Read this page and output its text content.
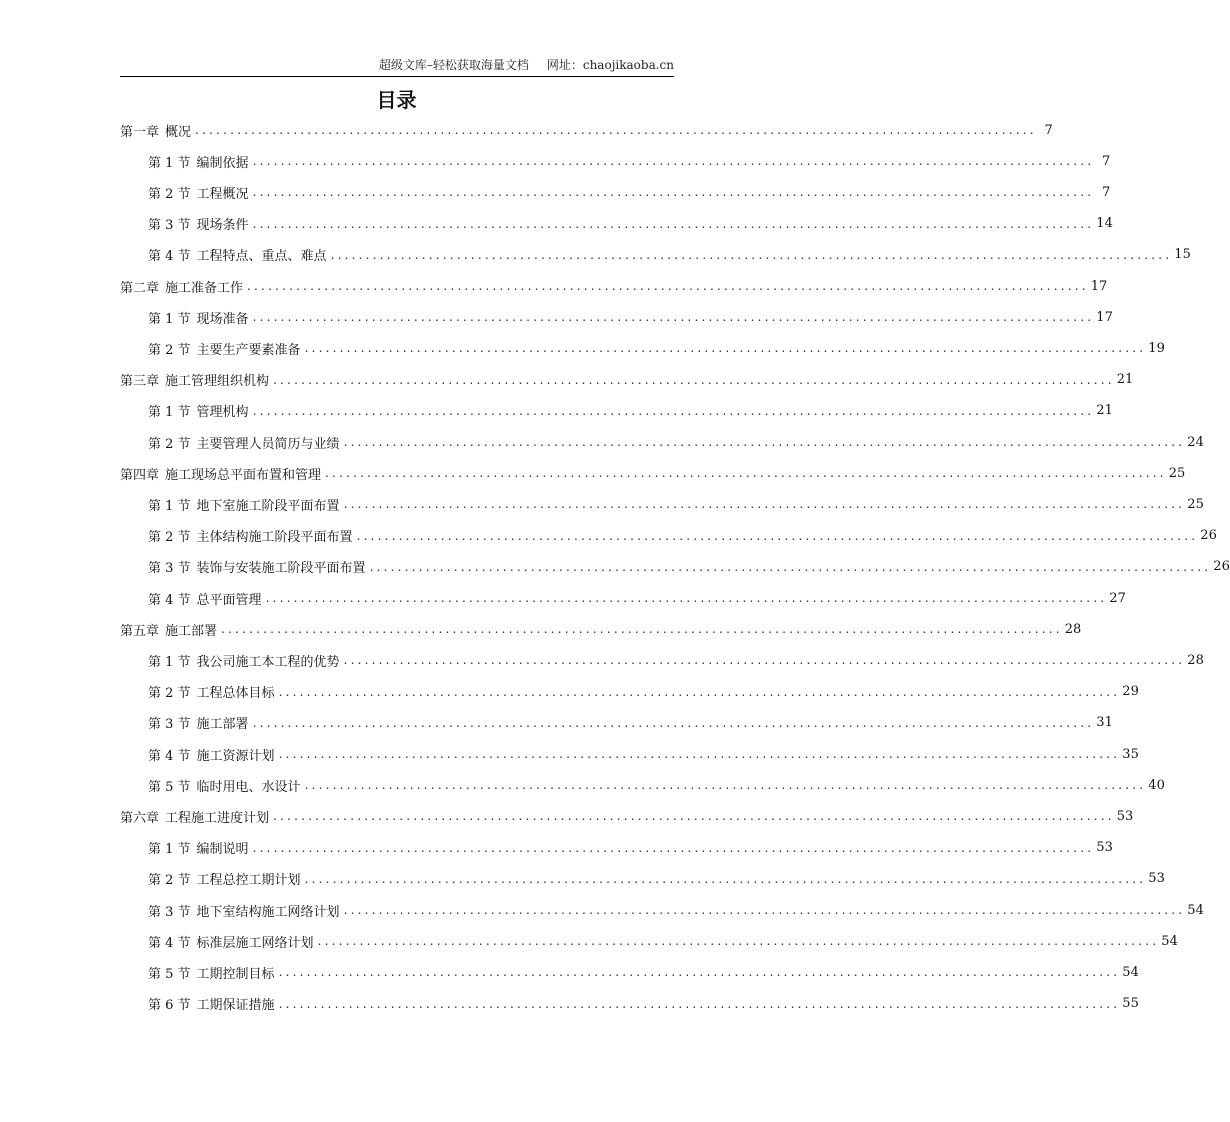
超级文库–轻松获取海量文档 网址：chaojikaoba.cn
目录
第一章 概况 ........................................................................................................................ 7
第 1 节 编制依据 ........................................................................................................................ 7
第 2 节 工程概况 ........................................................................................................................ 7
第 3 节 现场条件 ........................................................................................................................ 14
第 4 节 工程特点、重点、难点 ........................................................................................................................ 15
第二章 施工准备工作 ........................................................................................................................ 17
第 1 节 现场准备 ........................................................................................................................ 17
第 2 节 主要生产要素准备 ........................................................................................................................ 19
第三章 施工管理组织机构 ........................................................................................................................ 21
第 1 节 管理机构 ........................................................................................................................ 21
第 2 节 主要管理人员简历与业绩 ........................................................................................................................ 24
第四章 施工现场总平面布置和管理 ........................................................................................................................ 25
第 1 节 地下室施工阶段平面布置 ........................................................................................................................ 25
第 2 节 主体结构施工阶段平面布置 ........................................................................................................................ 26
第 3 节 装饰与安装施工阶段平面布置 ........................................................................................................................ 26
第 4 节 总平面管理 ........................................................................................................................ 27
第五章 施工部署 ........................................................................................................................ 28
第 1 节 我公司施工本工程的优势 ........................................................................................................................ 28
第 2 节 工程总体目标 ........................................................................................................................ 29
第 3 节 施工部署 ........................................................................................................................ 31
第 4 节 施工资源计划 ........................................................................................................................ 35
第 5 节 临时用电、水设计 ........................................................................................................................ 40
第六章 工程施工进度计划 ........................................................................................................................ 53
第 1 节 编制说明 ........................................................................................................................ 53
第 2 节 工程总控工期计划 ........................................................................................................................ 53
第 3 节 地下室结构施工网络计划 ........................................................................................................................ 54
第 4 节 标准层施工网络计划 ........................................................................................................................ 54
第 5 节 工期控制目标 ........................................................................................................................ 54
第 6 节 工期保证措施 ........................................................................................................................ 55
